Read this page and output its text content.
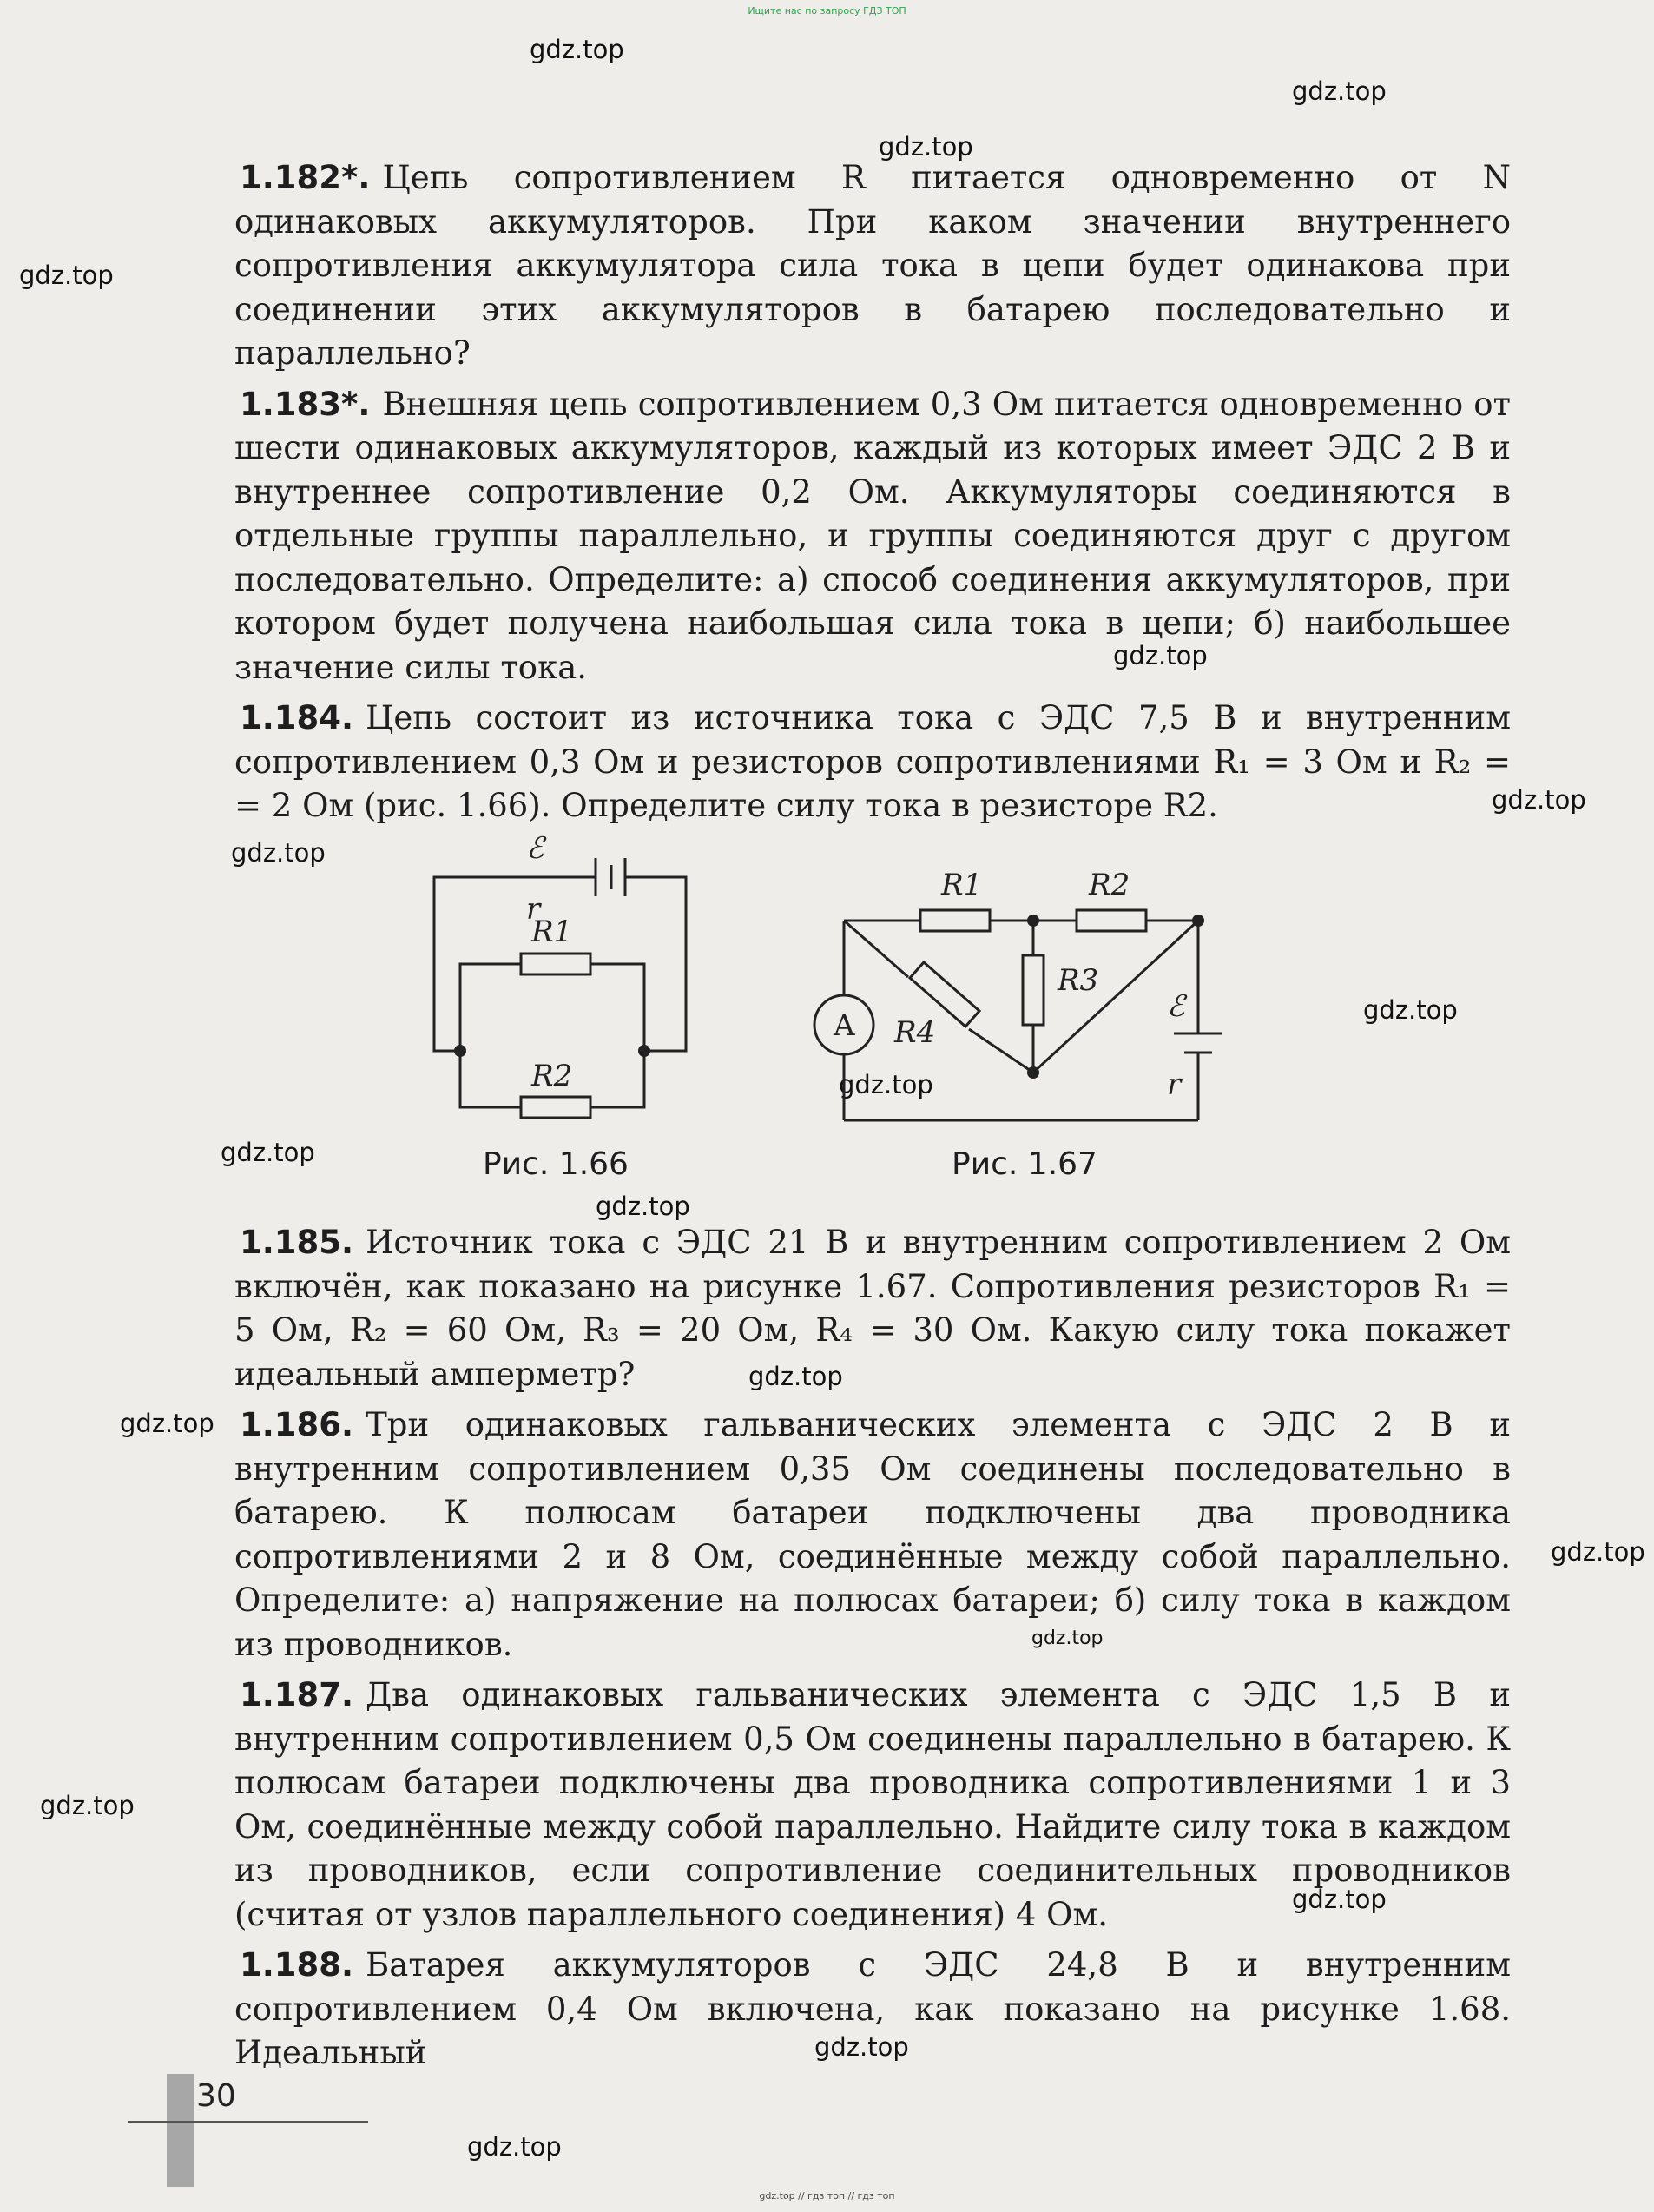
Ищите нас по запросу ГДЗ ТОП
gdz.top
gdz.top
gdz.top
gdz.top
gdz.top
gdz.top
gdz.top
gdz.top
gdz.top
gdz.top
gdz.top
gdz.top
gdz.top
gdz.top
gdz.top
gdz.top
gdz.top
gdz.top
gdz.top

1.182*. Цепь сопротивлением R питается одновременно от N одинаковых аккумуляторов. При каком значении внутреннего сопротивления аккумулятора сила тока в цепи будет одинакова при соединении этих аккумуляторов в батарею последовательно и параллельно?

1.183*. Внешняя цепь сопротивлением 0,3 Ом питается одновременно от шести одинаковых аккумуляторов, каждый из которых имеет ЭДС 2 В и внутреннее сопротивление 0,2 Ом. Аккумуляторы соединяются в отдельные группы параллельно, и группы соединяются друг с другом последовательно. Определите: а) способ соединения аккумуляторов, при котором будет получена наибольшая сила тока в цепи; б) наибольшее значение силы тока.

1.184. Цепь состоит из источника тока с ЭДС 7,5 В и внутренним сопротивлением 0,3 Ом и резисторов сопротивлениями R₁ = 3 Ом и R₂ = = 2 Ом (рис. 1.66). Определите силу тока в резисторе R2.

ℰ
r
R1
R2
Рис. 1.66
A
R1	R2
R3
R4
ℰ
r
Рис. 1.67

1.185. Источник тока с ЭДС 21 В и внутренним сопротивлением 2 Ом включён, как показано на рисунке 1.67. Сопротивления резисторов R₁ = 5 Ом, R₂ = 60 Ом, R₃ = 20 Ом, R₄ = 30 Ом. Какую силу тока покажет идеальный амперметр?

1.186. Три одинаковых гальванических элемента с ЭДС 2 В и внутренним сопротивлением 0,35 Ом соединены последовательно в батарею. К полюсам батареи подключены два проводника сопротивлениями 2 и 8 Ом, соединённые между собой параллельно. Определите: а) напряжение на полюсах батареи; б) силу тока в каждом из проводников.

1.187. Два одинаковых гальванических элемента с ЭДС 1,5 В и внутренним сопротивлением 0,5 Ом соединены параллельно в батарею. К полюсам батареи подключены два проводника сопротивлениями 1 и 3 Ом, соединённые между собой параллельно. Найдите силу тока в каждом из проводников, если сопротивление соединительных проводников (считая от узлов параллельного соединения) 4 Ом.

1.188. Батарея аккумуляторов с ЭДС 24,8 В и внутренним сопротивлением 0,4 Ом включена, как показано на рисунке 1.68. Идеальный

30
gdz.top // гдз топ // гдз топ
